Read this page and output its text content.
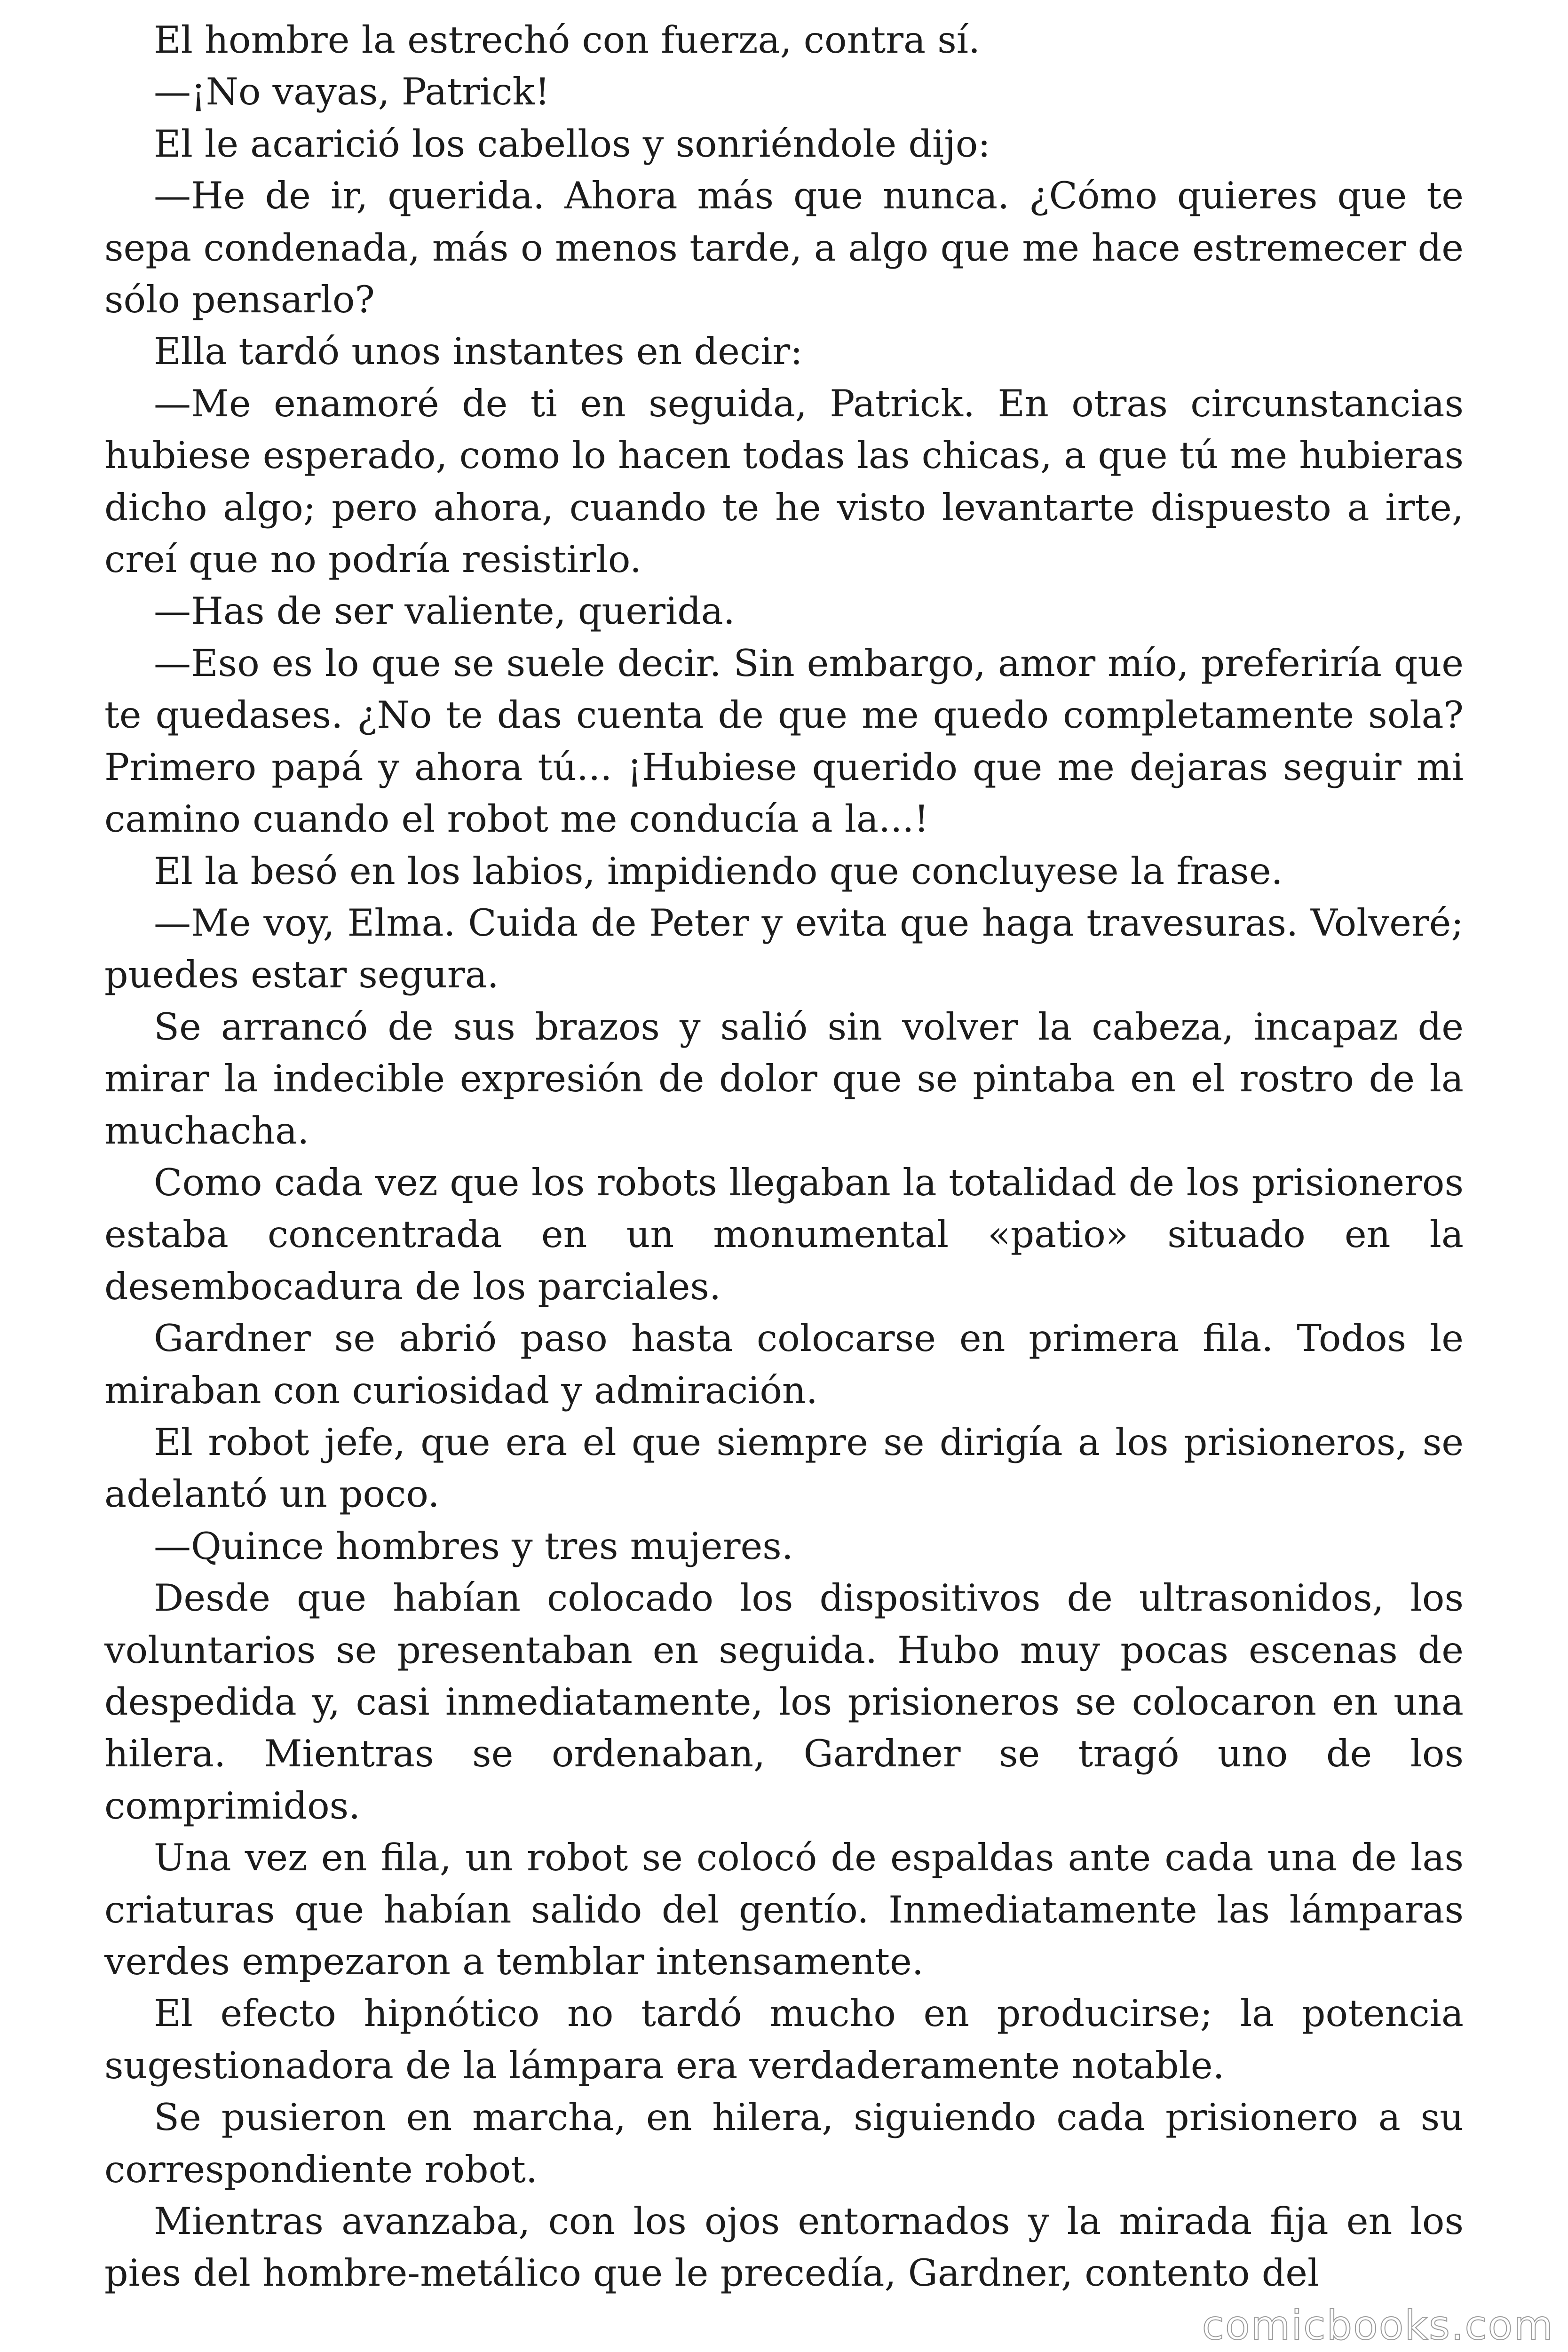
El hombre la estrechó con fuerza, contra sí.

—¡No vayas, Patrick!

El le acarició los cabellos y sonriéndole dijo:

—He de ir, querida. Ahora más que nunca. ¿Cómo quieres que te sepa condenada, más o menos tarde, a algo que me hace estremecer de sólo pensarlo?

Ella tardó unos instantes en decir:

—Me enamoré de ti en seguida, Patrick. En otras circunstancias hubiese esperado, como lo hacen todas las chicas, a que tú me hubieras dicho algo; pero ahora, cuando te he visto levantarte dispuesto a irte, creí que no podría resistirlo.

—Has de ser valiente, querida.

—Eso es lo que se suele decir. Sin embargo, amor mío, preferiría que te quedases. ¿No te das cuenta de que me quedo completamente sola? Primero papá y ahora tú... ¡Hubiese querido que me dejaras seguir mi camino cuando el robot me conducía a la...!

El la besó en los labios, impidiendo que concluyese la frase.

—Me voy, Elma. Cuida de Peter y evita que haga travesuras. Volveré; puedes estar segura.

Se arrancó de sus brazos y salió sin volver la cabeza, incapaz de mirar la indecible expresión de dolor que se pintaba en el rostro de la muchacha.

Como cada vez que los robots llegaban la totalidad de los prisioneros estaba concentrada en un monumental «patio» situado en la desembocadura de los parciales.

Gardner se abrió paso hasta colocarse en primera fila. Todos le miraban con curiosidad y admiración.

El robot jefe, que era el que siempre se dirigía a los prisioneros, se adelantó un poco.

—Quince hombres y tres mujeres.

Desde que habían colocado los dispositivos de ultrasonidos, los voluntarios se presentaban en seguida. Hubo muy pocas escenas de despedida y, casi inmediatamente, los prisioneros se colocaron en una hilera. Mientras se ordenaban, Gardner se tragó uno de los comprimidos.

Una vez en fila, un robot se colocó de espaldas ante cada una de las criaturas que habían salido del gentío. Inmediatamente las lámparas verdes empezaron a temblar intensamente.

El efecto hipnótico no tardó mucho en producirse; la potencia sugestionadora de la lámpara era verdaderamente notable.

Se pusieron en marcha, en hilera, siguiendo cada prisionero a su correspondiente robot.

Mientras avanzaba, con los ojos entornados y la mirada fija en los pies del hombre-metálico que le precedía, Gardner, contento del

comicbooks.com
